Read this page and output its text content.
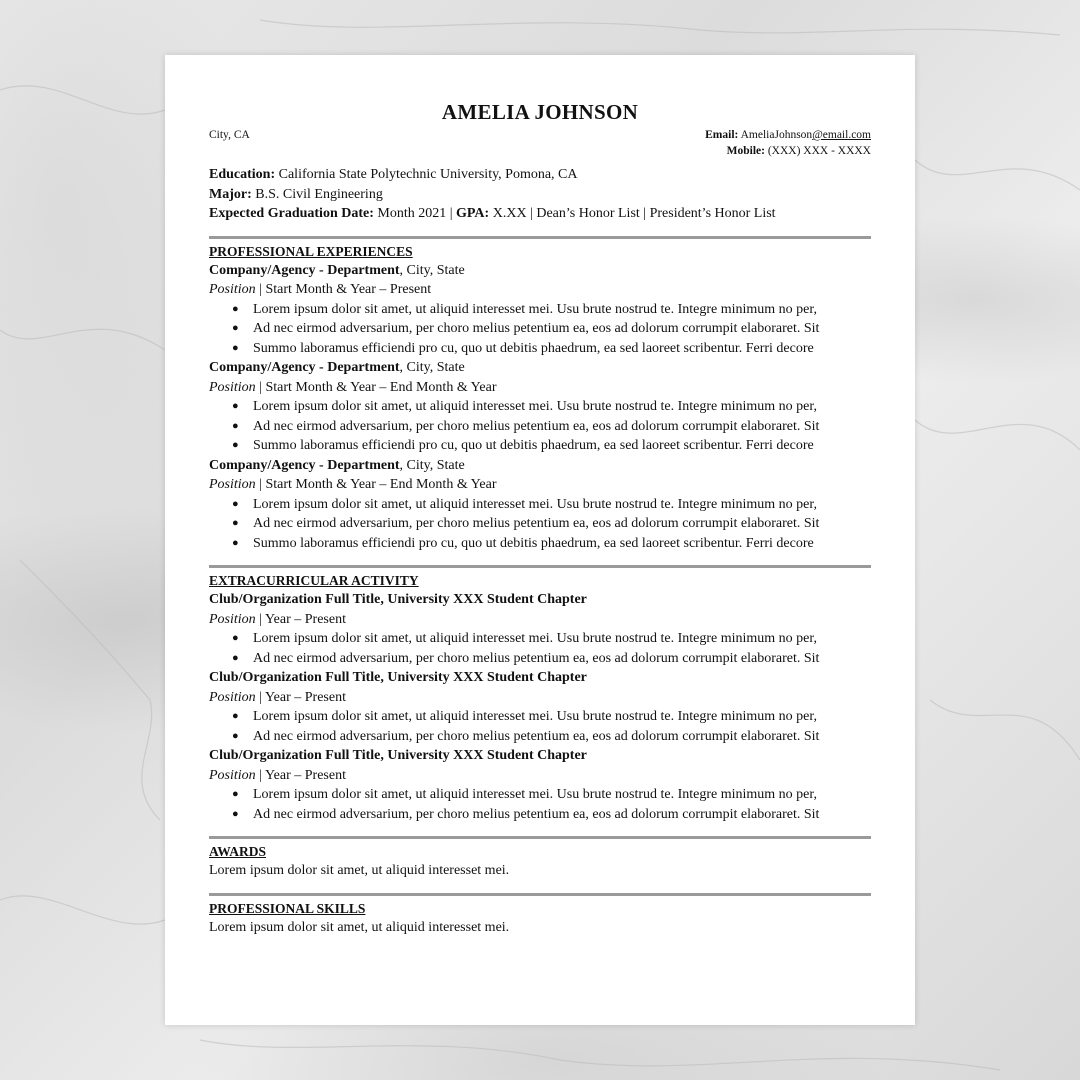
AMELIA JOHNSON
City, CA	Email: AmeliaJohnson@email.com
Mobile: (XXX) XXX - XXXX
Education: California State Polytechnic University, Pomona, CA
Major: B.S. Civil Engineering
Expected Graduation Date: Month 2021 | GPA: X.XX | Dean’s Honor List | President’s Honor List
PROFESSIONAL EXPERIENCES
Company/Agency - Department, City, State
Position | Start Month & Year – Present
● Lorem ipsum dolor sit amet, ut aliquid interesset mei. Usu brute nostrud te. Integre minimum no per,
● Ad nec eirmod adversarium, per choro melius petentium ea, eos ad dolorum corrumpit elaboraret. Sit
● Summo laboramus efficiendi pro cu, quo ut debitis phaedrum, ea sed laoreet scribentur. Ferri decore
Company/Agency - Department, City, State
Position | Start Month & Year – End Month & Year
● Lorem ipsum dolor sit amet, ut aliquid interesset mei. Usu brute nostrud te. Integre minimum no per,
● Ad nec eirmod adversarium, per choro melius petentium ea, eos ad dolorum corrumpit elaboraret. Sit
● Summo laboramus efficiendi pro cu, quo ut debitis phaedrum, ea sed laoreet scribentur. Ferri decore
Company/Agency - Department, City, State
Position | Start Month & Year – End Month & Year
● Lorem ipsum dolor sit amet, ut aliquid interesset mei. Usu brute nostrud te. Integre minimum no per,
● Ad nec eirmod adversarium, per choro melius petentium ea, eos ad dolorum corrumpit elaboraret. Sit
● Summo laboramus efficiendi pro cu, quo ut debitis phaedrum, ea sed laoreet scribentur. Ferri decore
EXTRACURRICULAR ACTIVITY
Club/Organization Full Title, University XXX Student Chapter
Position | Year – Present
● Lorem ipsum dolor sit amet, ut aliquid interesset mei. Usu brute nostrud te. Integre minimum no per,
● Ad nec eirmod adversarium, per choro melius petentium ea, eos ad dolorum corrumpit elaboraret. Sit
Club/Organization Full Title, University XXX Student Chapter
Position | Year – Present
● Lorem ipsum dolor sit amet, ut aliquid interesset mei. Usu brute nostrud te. Integre minimum no per,
● Ad nec eirmod adversarium, per choro melius petentium ea, eos ad dolorum corrumpit elaboraret. Sit
Club/Organization Full Title, University XXX Student Chapter
Position | Year – Present
● Lorem ipsum dolor sit amet, ut aliquid interesset mei. Usu brute nostrud te. Integre minimum no per,
● Ad nec eirmod adversarium, per choro melius petentium ea, eos ad dolorum corrumpit elaboraret. Sit
AWARDS
Lorem ipsum dolor sit amet, ut aliquid interesset mei.
PROFESSIONAL SKILLS
Lorem ipsum dolor sit amet, ut aliquid interesset mei.
